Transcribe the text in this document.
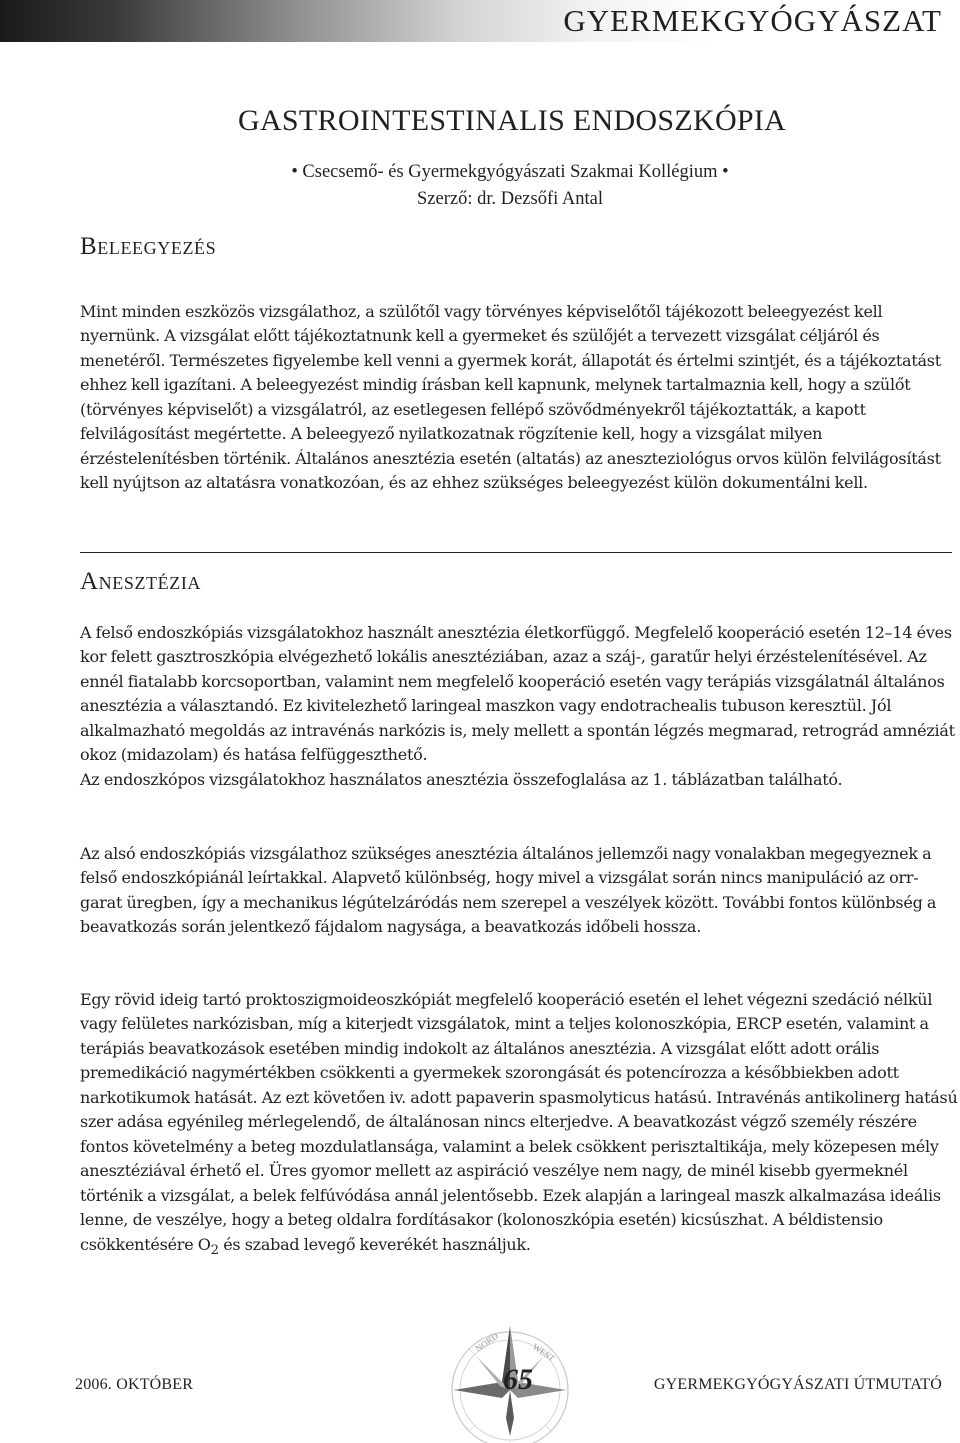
GYERMEKGYÓGYÁSZAT
GASTROINTESTINALIS ENDOSZKÓPIA
• Csecsemő- és Gyermekgyógyászati Szakmai Kollégium •
Szerző: dr. Dezsőfi Antal
Beleegyezés

Mint minden eszközös vizsgálathoz, a szülőtől vagy törvényes képviselőtől tájékozott beleegyezést kell nyernünk. A vizsgálat előtt tájékoztatnunk kell a gyermeket és szülőjét a tervezett vizsgálat céljáról és menetéről. Természetes figyelembe kell venni a gyermek korát, állapotát és értelmi szintjét, és a tájékoztatást ehhez kell igazítani. A beleegyezést mindig írásban kell kapnunk, melynek tartalmaznia kell, hogy a szülőt (törvényes képviselőt) a vizsgálatról, az esetlegesen fellépő szövődményekről tájékoztatták, a kapott felvilágosítást megértette. A beleegyező nyilatkozatnak rögzítenie kell, hogy a vizsgálat milyen érzéstelenítésben történik. Általános anesztézia esetén (altatás) az aneszteziológus orvos külön felvilágosítást kell nyújtson az altatásra vonatkozóan, és az ehhez szükséges beleegyezést külön dokumentálni kell.

Anesztézia

A felső endoszkópiás vizsgálatokhoz használt anesztézia életkorfüggő. Megfelelő kooperáció esetén 12–14 éves kor felett gasztroszkópia elvégezhető lokális anesztéziában, azaz a száj-, garatűr helyi érzéstelenítésével. Az ennél fiatalabb korcsoportban, valamint nem megfelelő kooperáció esetén vagy terápiás vizsgálatnál általános anesztézia a választandó. Ez kivitelezhető laringeal maszkon vagy endotrachealis tubuson keresztül. Jól alkalmazható megoldás az intravénás narkózis is, mely mellett a spontán légzés megmarad, retrográd amnéziát okoz (midazolam) és hatása felfüggeszthető.

Az endoszkópos vizsgálatokhoz használatos anesztézia összefoglalása az 1. táblázatban található.

Az alsó endoszkópiás vizsgálathoz szükséges anesztézia általános jellemzői nagy vonalakban megegyeznek a felső endoszkópiánál leírtakkal. Alapvető különbség, hogy mivel a vizsgálat során nincs manipuláció az orr-garat üregben, így a mechanikus légútelzáródás nem szerepel a veszélyek között. További fontos különbség a beavatkozás során jelentkező fájdalom nagysága, a beavatkozás időbeli hossza.

Egy rövid ideig tartó proktoszigmoideoszkópiát megfelelő kooperáció esetén el lehet végezni szedáció nélkül vagy felületes narkózisban, míg a kiterjedt vizsgálatok, mint a teljes kolonoszkópia, ERCP esetén, valamint a terápiás beavatkozások esetében mindig indokolt az általános anesztézia. A vizsgálat előtt adott orális premedikáció nagymértékben csökkenti a gyermekek szorongását és potencírozza a későbbiekben adott narkotikumok hatását. Az ezt követően iv. adott papaverin spasmolyticus hatású. Intravénás antikolinerg hatású szer adása egyénileg mérlegelendő, de általánosan nincs elterjedve. A beavatkozást végző személy részére fontos követelmény a beteg mozdulatlansága, valamint a belek csökkent perisztaltikája, mely közepesen mély anesztéziával érhető el. Üres gyomor mellett az aspiráció veszélye nem nagy, de minél kisebb gyermeknél történik a vizsgálat, a belek felfúvódása annál jelentősebb. Ezek alapján a laringeal maszk alkalmazása ideális lenne, de veszélye, hogy a beteg oldalra fordításakor (kolonoszkópia esetén) kicsúszhat. A béldistensio csökkentésére $O_2$ és szabad levegő keverékét használjuk.

NORD	WEST
65
2006. OKTÓBER	GYERMEKGYÓGYÁSZATI ÚTMUTATÓ
